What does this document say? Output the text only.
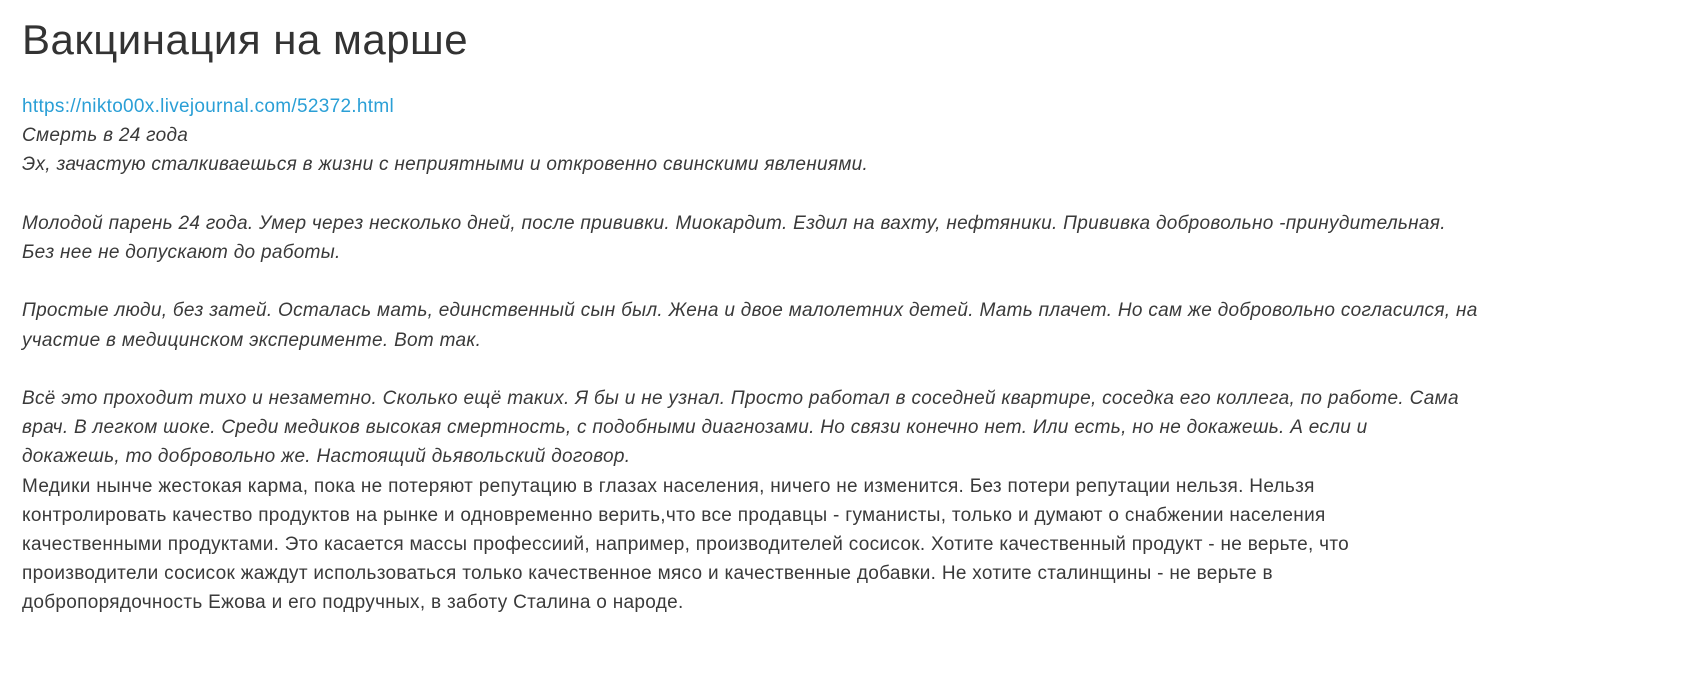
Вакцинация на марше
https://nikto00x.livejournal.com/52372.html
Смерть в 24 года
Эх, зачастую сталкиваешься в жизни с неприятными и откровенно свинскими явлениями.
Молодой парень 24 года. Умер через несколько дней, после прививки. Миокардит. Ездил на вахту, нефтяники. Прививка добровольно -принудительная.
Без нее не допускают до работы.
Простые люди, без затей. Осталась мать, единственный сын был. Жена и двое малолетних детей. Мать плачет. Но сам же добровольно согласился, на
участие в медицинском эксперименте. Вот так.
Всё это проходит тихо и незаметно. Сколько ещё таких. Я бы и не узнал. Просто работал в соседней квартире, соседка его коллега, по работе. Сама
врач. В легком шоке. Среди медиков высокая смертность, с подобными диагнозами. Но связи конечно нет. Или есть, но не докажешь. А если и
докажешь, то добровольно же. Настоящий дьявольский договор.
Медики нынче жестокая карма, пока не потеряют репутацию в глазах населения, ничего не изменится. Без потери репутации нельзя. Нельзя
контролировать качество продуктов на рынке и одновременно верить,что все продавцы - гуманисты, только и думают о снабжении населения
качественными продуктами. Это касается массы профессиий, например, производителей сосисок. Хотите качественный продукт - не верьте, что
производители сосисок жаждут использоваться только качественное мясо и качественные добавки. Не хотите сталинщины - не верьте в
добропорядочность Ежова и его подручных, в заботу Сталина о народе.
